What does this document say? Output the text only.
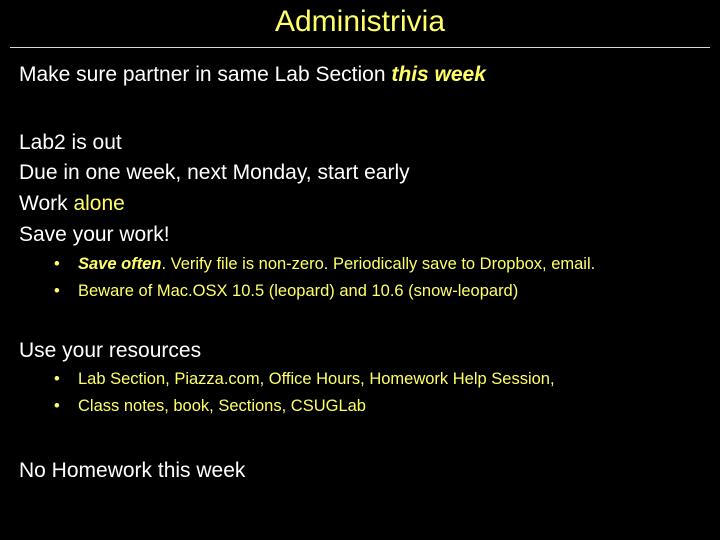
Administrivia
Make sure partner in same Lab Section this week
Lab2 is out
Due in one week, next Monday, start early
Work alone
Save your work!
• Save often. Verify file is non-zero. Periodically save to Dropbox, email.
• Beware of Mac.OSX 10.5 (leopard) and 10.6 (snow-leopard)
Use your resources
• Lab Section, Piazza.com, Office Hours, Homework Help Session,
• Class notes, book, Sections, CSUGLab
No Homework this week
